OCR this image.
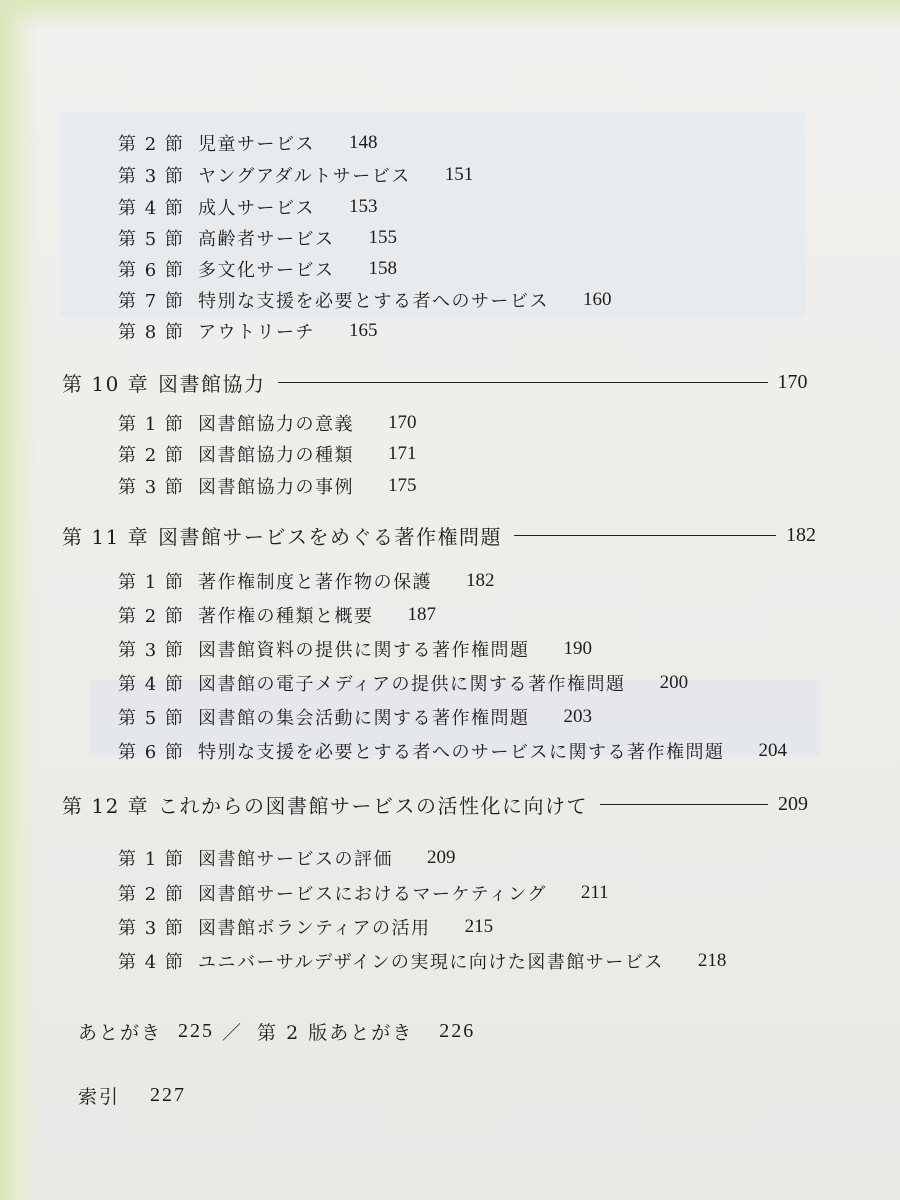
第 2 節 児童サービス 148
第 3 節 ヤングアダルトサービス 151
第 4 節 成人サービス 153
第 5 節 高齢者サービス 155
第 6 節 多文化サービス 158
第 7 節 特別な支援を必要とする者へのサービス 160
第 8 節 アウトリーチ 165
第 10 章 図書館協力	170
第 1 節 図書館協力の意義 170
第 2 節 図書館協力の種類 171
第 3 節 図書館協力の事例 175
第 11 章 図書館サービスをめぐる著作権問題	182
第 1 節 著作権制度と著作物の保護 182
第 2 節 著作権の種類と概要 187
第 3 節 図書館資料の提供に関する著作権問題 190
第 4 節 図書館の電子メディアの提供に関する著作権問題 200
第 5 節 図書館の集会活動に関する著作権問題 203
第 6 節 特別な支援を必要とする者へのサービスに関する著作権問題 204
第 12 章 これからの図書館サービスの活性化に向けて	209
第 1 節 図書館サービスの評価 209
第 2 節 図書館サービスにおけるマーケティング 211
第 3 節 図書館ボランティアの活用 215
第 4 節 ユニバーサルデザインの実現に向けた図書館サービス 218
あとがき 225 ／ 第 2 版あとがき 226
索引 227
